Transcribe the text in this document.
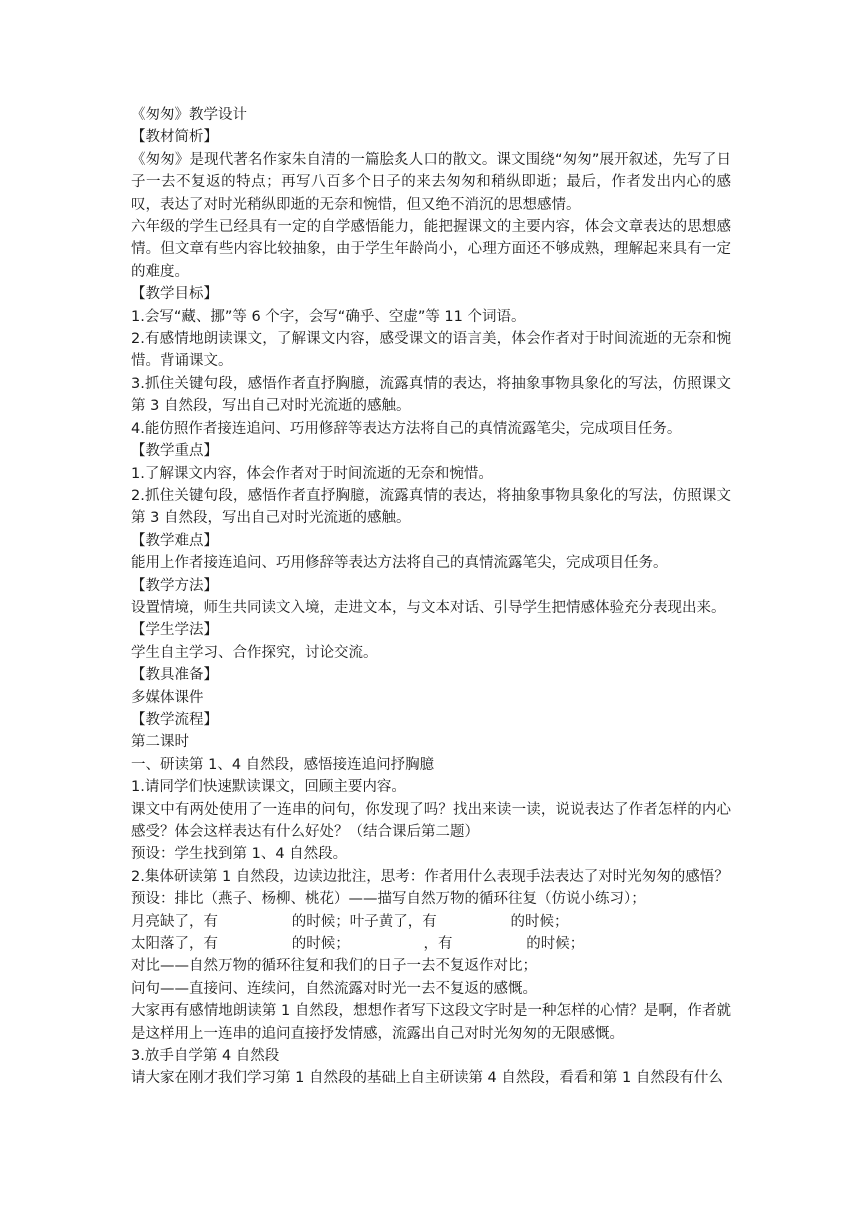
《匆匆》教学设计

【教材简析】

《匆匆》是现代著名作家朱自清的一篇脍炙人口的散文。课文围绕“匆匆”展开叙述，先写了日子一去不复返的特点；再写八百多个日子的来去匆匆和稍纵即逝；最后，作者发出内心的感叹，表达了对时光稍纵即逝的无奈和惋惜，但又绝不消沉的思想感情。

六年级的学生已经具有一定的自学感悟能力，能把握课文的主要内容，体会文章表达的思想感情。但文章有些内容比较抽象，由于学生年龄尚小，心理方面还不够成熟，理解起来具有一定的难度。

【教学目标】

1.会写“藏、挪”等 6 个字，会写“确乎、空虚”等 11 个词语。

2.有感情地朗读课文，了解课文内容，感受课文的语言美，体会作者对于时间流逝的无奈和惋惜。背诵课文。

3.抓住关键句段，感悟作者直抒胸臆，流露真情的表达，将抽象事物具象化的写法，仿照课文第 3 自然段，写出自己对时光流逝的感触。

4.能仿照作者接连追问、巧用修辞等表达方法将自己的真情流露笔尖，完成项目任务。

【教学重点】

1.了解课文内容，体会作者对于时间流逝的无奈和惋惜。

2.抓住关键句段，感悟作者直抒胸臆，流露真情的表达，将抽象事物具象化的写法，仿照课文第 3 自然段，写出自己对时光流逝的感触。

【教学难点】

能用上作者接连追问、巧用修辞等表达方法将自己的真情流露笔尖，完成项目任务。

【教学方法】

设置情境，师生共同读文入境，走进文本，与文本对话、引导学生把情感体验充分表现出来。

【学生学法】

学生自主学习、合作探究，讨论交流。

【教具准备】

多媒体课件

【教学流程】

第二课时

一、研读第 1、4 自然段，感悟接连追问抒胸臆

1.请同学们快速默读课文，回顾主要内容。

课文中有两处使用了一连串的问句，你发现了吗？找出来读一读，说说表达了作者怎样的内心感受？体会这样表达有什么好处？（结合课后第二题）

预设：学生找到第 1、4 自然段。

2.集体研读第 1 自然段，边读边批注，思考：作者用什么表现手法表达了对时光匆匆的感悟？

预设：排比（燕子、杨柳、桃花）——描写自然万物的循环往复（仿说小练习）；

月亮缺了，有                的时候；叶子黄了，有                的时候；

太阳落了，有                的时候；                ，有                的时候；

对比——自然万物的循环往复和我们的日子一去不复返作对比；

问句——直接问、连续问，自然流露对时光一去不复返的感慨。

大家再有感情地朗读第 1 自然段，想想作者写下这段文字时是一种怎样的心情？是啊，作者就是这样用上一连串的追问直接抒发情感，流露出自己对时光匆匆的无限感慨。

3.放手自学第 4 自然段

请大家在刚才我们学习第 1 自然段的基础上自主研读第 4 自然段，看看和第 1 自然段有什么
